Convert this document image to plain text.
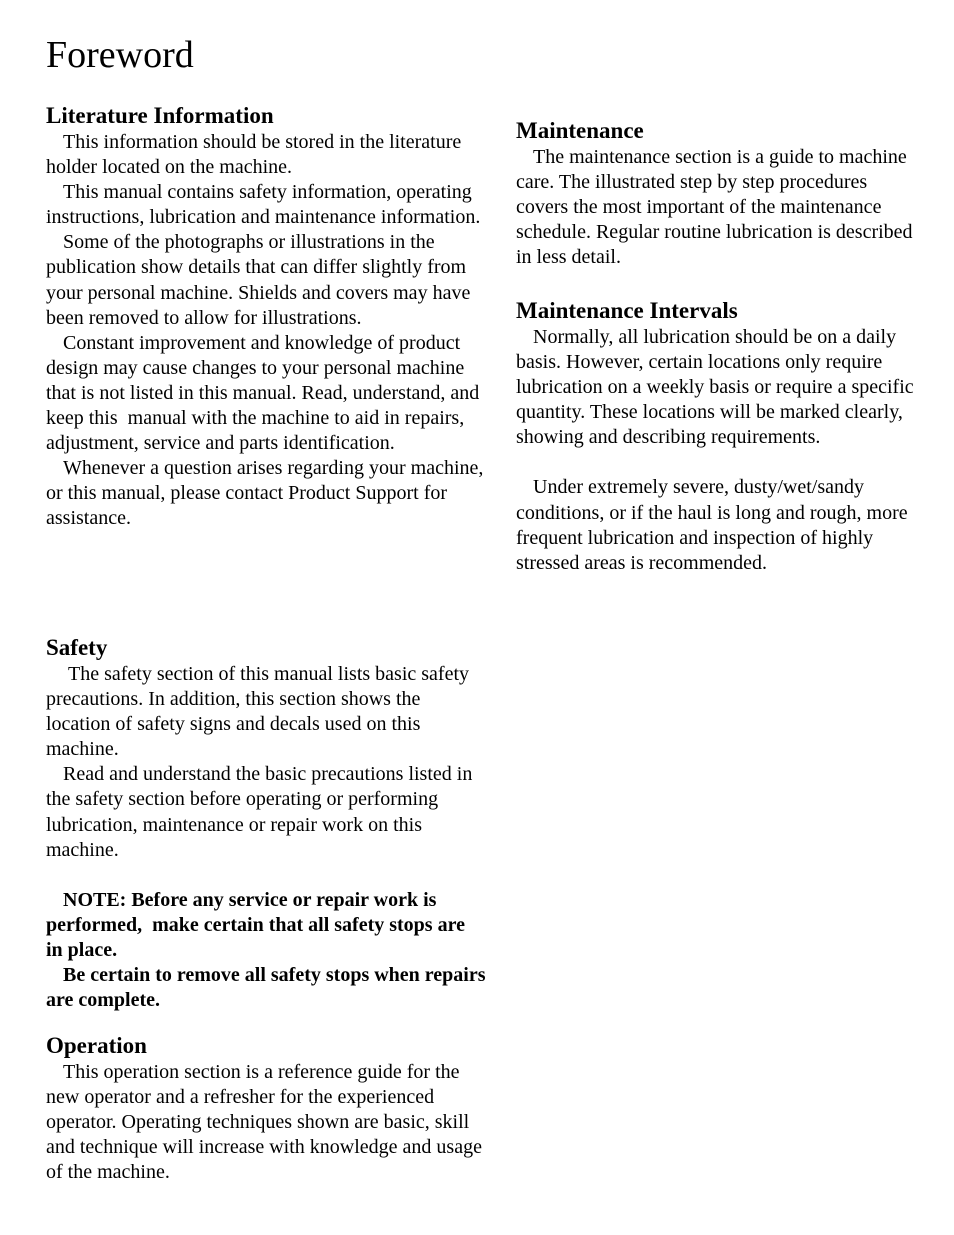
Foreword
Literature Information

This information should be stored in the literature holder located on the machine.

This manual contains safety information, operating instructions, lubrication and maintenance information.

Some of the photographs or illustrations in the publication show details that can differ slightly from your personal machine. Shields and covers may have been removed to allow for illustrations.

Constant improvement and knowledge of product design may cause changes to your personal machine that is not listed in this manual. Read, understand, and keep this  manual with the machine to aid in repairs, adjustment, service and parts identification.

Whenever a question arises regarding your machine, or this manual, please contact Product Support for assistance.

Safety

The safety section of this manual lists basic safety  precautions. In addition, this section shows the location of safety signs and decals used on this machine.

Read and understand the basic precautions listed in the safety section before operating or performing lubrication, maintenance or repair work on this machine.

NOTE: Before any service or repair work is performed,  make certain that all safety stops are in place.

Be certain to remove all safety stops when repairs are complete.

Operation

This operation section is a reference guide for the new operator and a refresher for the experienced operator. Operating techniques shown are basic, skill and technique will increase with knowledge and usage of the machine.

Maintenance

The maintenance section is a guide to machine care. The illustrated step by step procedures covers the most important of the maintenance schedule. Regular routine lubrication is described in less detail.

Maintenance Intervals

Normally, all lubrication should be on a daily basis. However, certain locations only require lubrication on a weekly basis or require a specific quantity. These locations will be marked clearly, showing and describing requirements.

Under extremely severe, dusty/wet/sandy conditions, or if the haul is long and rough, more  frequent lubrication and inspection of highly stressed areas is recommended.
